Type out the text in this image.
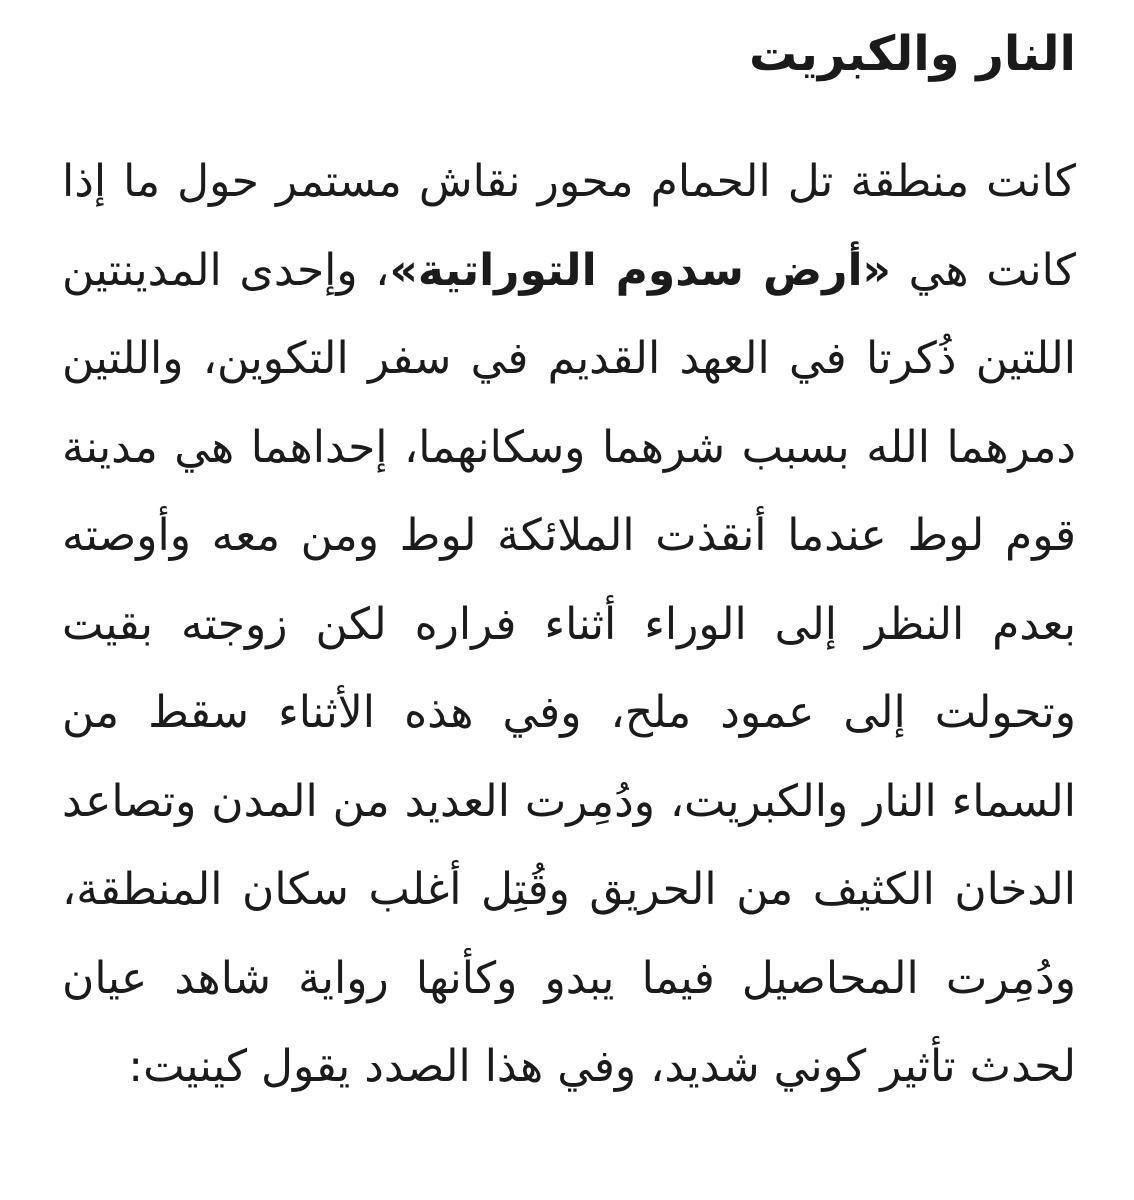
النار والكبريت

كانت منطقة تل الحمام محور نقاش مستمر حول ما إذا كانت هي «أرض سدوم التوراتية»، وإحدى المدينتين اللتين ذُكرتا في العهد القديم في سفر التكوين، واللتين دمرهما الله بسبب شرهما وسكانهما، إحداهما هي مدينة قوم لوط عندما أنقذت الملائكة لوط ومن معه وأوصته بعدم النظر إلى الوراء أثناء فراره لكن زوجته بقيت وتحولت إلى عمود ملح، وفي هذه الأثناء سقط من السماء النار والكبريت، ودُمِرت العديد من المدن وتصاعد الدخان الكثيف من الحريق وقُتِل أغلب سكان المنطقة، ودُمِرت المحاصيل فيما يبدو وكأنها رواية شاهد عيان لحدث تأثير كوني شديد، وفي هذا الصدد يقول كينيت:
